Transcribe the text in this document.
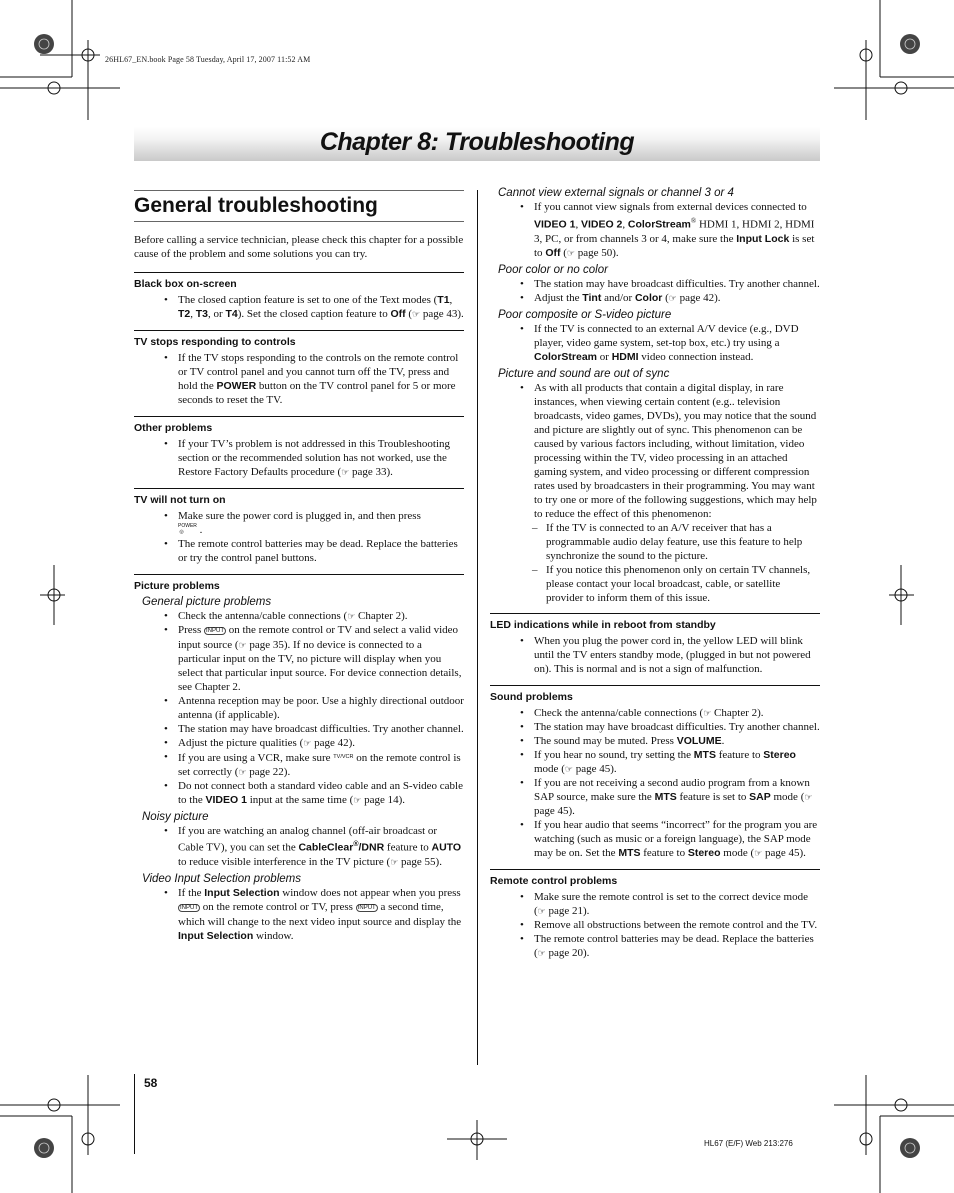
26HL67_EN.book Page 58 Tuesday, April 17, 2007 11:52 AM
Chapter 8: Troubleshooting
General troubleshooting

Before calling a service technician, please check this chapter for a possible cause of the problem and some solutions you can try.

Black box on-screen
• The closed caption feature is set to one of the Text modes (T1, T2, T3, or T4). Set the closed caption feature to Off (☞ page 43).
TV stops responding to controls
• If the TV stops responding to the controls on the remote control or TV control panel and you cannot turn off the TV, press and hold the POWER button on the TV control panel for 5 or more seconds to reset the TV.
Other problems
• If your TV’s problem is not addressed in this Troubleshooting section or the recommended solution has not worked, use the Restore Factory Defaults procedure (☞ page 33).
TV will not turn on
• Make sure the power cord is plugged in, and then press
POWER
◎ .
• The remote control batteries may be dead. Replace the batteries or try the control panel buttons.
Picture problems
General picture problems
• Check the antenna/cable connections (☞ Chapter 2).
• Press INPUT on the remote control or TV and select a valid video input source (☞ page 35). If no device is connected to a particular input on the TV, no picture will display when you select that particular input source. For device connection details, see Chapter 2.
• Antenna reception may be poor. Use a highly directional outdoor antenna (if applicable).
• The station may have broadcast difficulties. Try another channel.
• Adjust the picture qualities (☞ page 42).
• If you are using a VCR, make sure $^{TV/VCR}$ on the remote control is set correctly (☞ page 22).
• Do not connect both a standard video cable and an S-video cable to the VIDEO 1 input at the same time (☞ page 14).
Noisy picture
• If you are watching an analog channel (off-air broadcast or Cable TV), you can set the CableClear®/DNR feature to AUTO to reduce visible interference in the TV picture (☞ page 55).
Video Input Selection problems
• If the Input Selection window does not appear when you press INPUT on the remote control or TV, press INPUT a second time, which will change to the next video input source and display the Input Selection window.
Cannot view external signals or channel 3 or 4
• If you cannot view signals from external devices connected to VIDEO 1, VIDEO 2, ColorStream® HDMI 1, HDMI 2, HDMI 3, PC, or from channels 3 or 4, make sure the Input Lock is set to Off (☞ page 50).
Poor color or no color
• The station may have broadcast difficulties. Try another channel.
• Adjust the Tint and/or Color (☞ page 42).
Poor composite or S-video picture
• If the TV is connected to an external A/V device (e.g., DVD player, video game system, set-top box, etc.) try using a ColorStream or HDMI video connection instead.
Picture and sound are out of sync
• As with all products that contain a digital display, in rare instances, when viewing certain content (e.g.. television broadcasts, video games, DVDs), you may notice that the sound and picture are slightly out of sync. This phenomenon can be caused by various factors including, without limitation, video processing within the TV, video processing in an attached gaming system, and video processing or different compression rates used by broadcasters in their programming. You may want to try one or more of the following suggestions, which may help to reduce the effect of this phenomenon:
– If the TV is connected to an A/V receiver that has a programmable audio delay feature, use this feature to help synchronize the sound to the picture.
– If you notice this phenomenon only on certain TV channels, please contact your local broadcast, cable, or satellite provider to inform them of this issue.
LED indications while in reboot from standby
• When you plug the power cord in, the yellow LED will blink until the TV enters standby mode, (plugged in but not powered on). This is normal and is not a sign of malfunction.
Sound problems
• Check the antenna/cable connections (☞ Chapter 2).
• The station may have broadcast difficulties. Try another channel.
• The sound may be muted. Press VOLUME.
• If you hear no sound, try setting the MTS feature to Stereo mode (☞ page 45).
• If you are not receiving a second audio program from a known SAP source, make sure the MTS feature is set to SAP mode (☞ page 45).
• If you hear audio that seems “incorrect” for the program you are watching (such as music or a foreign language), the SAP mode may be on. Set the MTS feature to Stereo mode (☞ page 45).
Remote control problems
• Make sure the remote control is set to the correct device mode (☞ page 21).
• Remove all obstructions between the remote control and the TV.
• The remote control batteries may be dead. Replace the batteries (☞ page 20).
58
HL67 (E/F) Web 213:276
